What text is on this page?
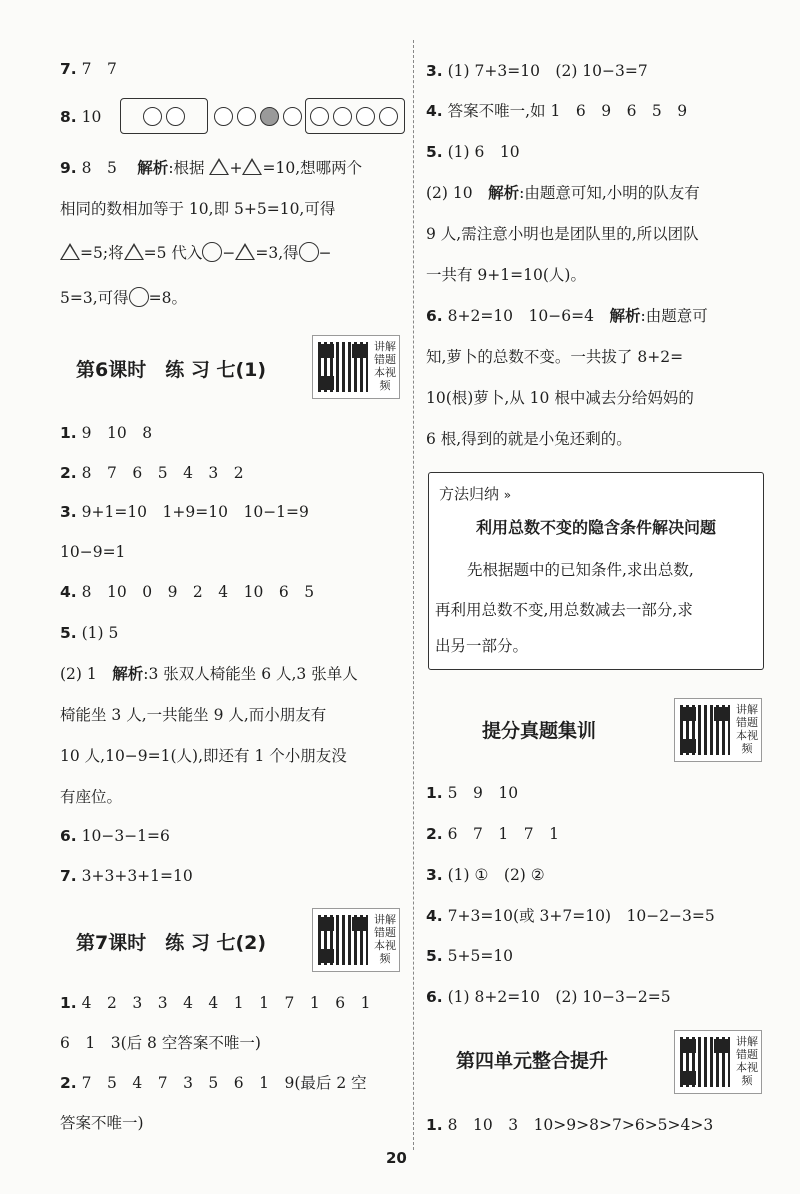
7. 7　7
8. 10
9. 8　5　 解析:根据 + =10,想哪两个
相同的数相加等于 10,即 5+5=10,可得
=5;将 =5 代入 − =3,得 −
5=3,可得 =8。
第6课时　练 习 七(1)
讲解错题本视频
1. 9　10　8
2. 8　7　6　5　4　3　2
3. 9+1=10　1+9=10　10−1=9
10−9=1
4. 8　10　0　9　2　4　10　6　5
5. (1) 5
(2) 1　解析:3 张双人椅能坐 6 人,3 张单人
椅能坐 3 人,一共能坐 9 人,而小朋友有
10 人,10−9=1(人),即还有 1 个小朋友没
有座位。
6. 10−3−1=6
7. 3+3+3+1=10
第7课时　练 习 七(2)
讲解错题本视频
1. 4　2　3　3　4　4　1　1　7　1　6　1
6　1　3(后 8 空答案不唯一)
2. 7　5　4　7　3　5　6　1　9(最后 2 空
答案不唯一)
3. (1) 7+3=10　(2) 10−3=7
4. 答案不唯一,如 1　6　9　6　5　9
5. (1) 6　10
(2) 10　解析:由题意可知,小明的队友有
9 人,需注意小明也是团队里的,所以团队
一共有 9+1=10(人)。
6. 8+2=10　10−6=4　解析:由题意可
知,萝卜的总数不变。一共拔了 8+2=
10(根)萝卜,从 10 根中减去分给妈妈的
6 根,得到的就是小兔还剩的。
方法归纳 »
利用总数不变的隐含条件解决问题
先根据题中的已知条件,求出总数,
再利用总数不变,用总数减去一部分,求
出另一部分。
提分真题集训
讲解错题本视频
1. 5　9　10
2. 6　7　1　7　1
3. (1) ①　(2) ②
4. 7+3=10(或 3+7=10)　10−2−3=5
5. 5+5=10
6. (1) 8+2=10　(2) 10−3−2=5
第四单元整合提升
讲解错题本视频
1. 8　10　3　10>9>8>7>6>5>4>3
20
